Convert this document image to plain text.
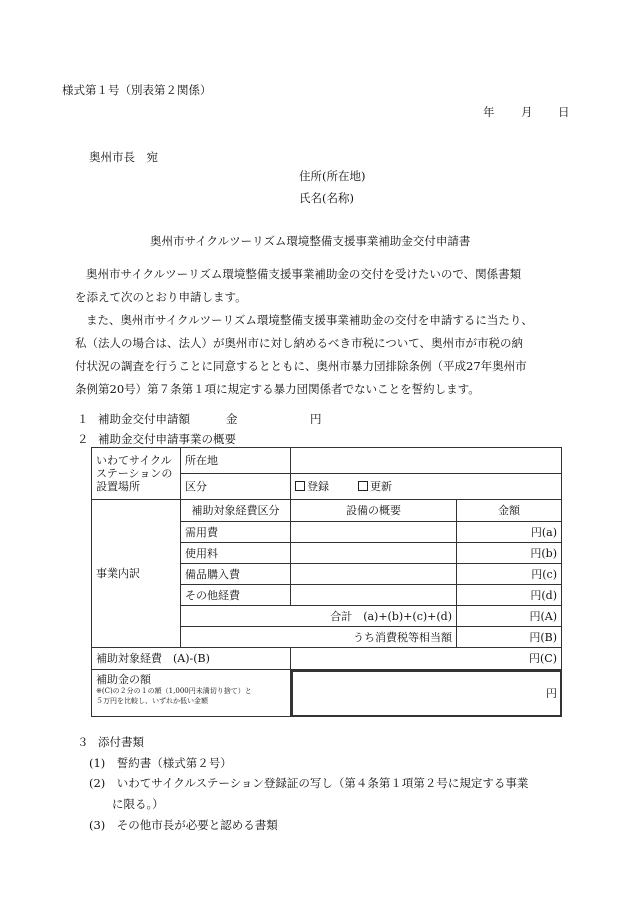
様式第１号（別表第２関係）
年 月 日
奥州市長　宛
住所(所在地)
氏名(名称)
奥州市サイクルツーリズム環境整備支援事業補助金交付申請書

奥州市サイクルツーリズム環境整備支援事業補助金の交付を受けたいので、関係書類

を添えて次のとおり申請します。

また、奥州市サイクルツーリズム環境整備支援事業補助金の交付を申請するに当たり、

私（法人の場合は、法人）が奥州市に対し納めるべき市税について、奥州市が市税の納

付状況の調査を行うことに同意するとともに、奥州市暴力団排除条例（平成27年奥州市

条例第20号）第７条第１項に規定する暴力団関係者でないことを誓約します。

１ 補助金交付申請額	金	円
２ 補助金交付申請事業の概要
いわてサイクルステーションの設置場所	所在地		
	区分	登録 更新	
事業内訳	補助対象経費区分	設備の概要	金額
	需用費		円(a)
	使用料		円(b)
	備品購入費		円(c)
	その他経費		円(d)
	合計　(a)+(b)+(c)+(d)		円(A)
	うち消費税等相当額		円(B)
補助対象経費　(A)-(B)		円(C)	
補助金の額
※(C)の２分の１の額（1,000円未満切り捨て）と
５万円を比較し、いずれか低い金額		円	
３ 添付書類
(1)　誓約書（様式第２号）
(2)　いわてサイクルステーション登録証の写し（第４条第１項第２号に規定する事業
に限る。）
(3)　その他市長が必要と認める書類
